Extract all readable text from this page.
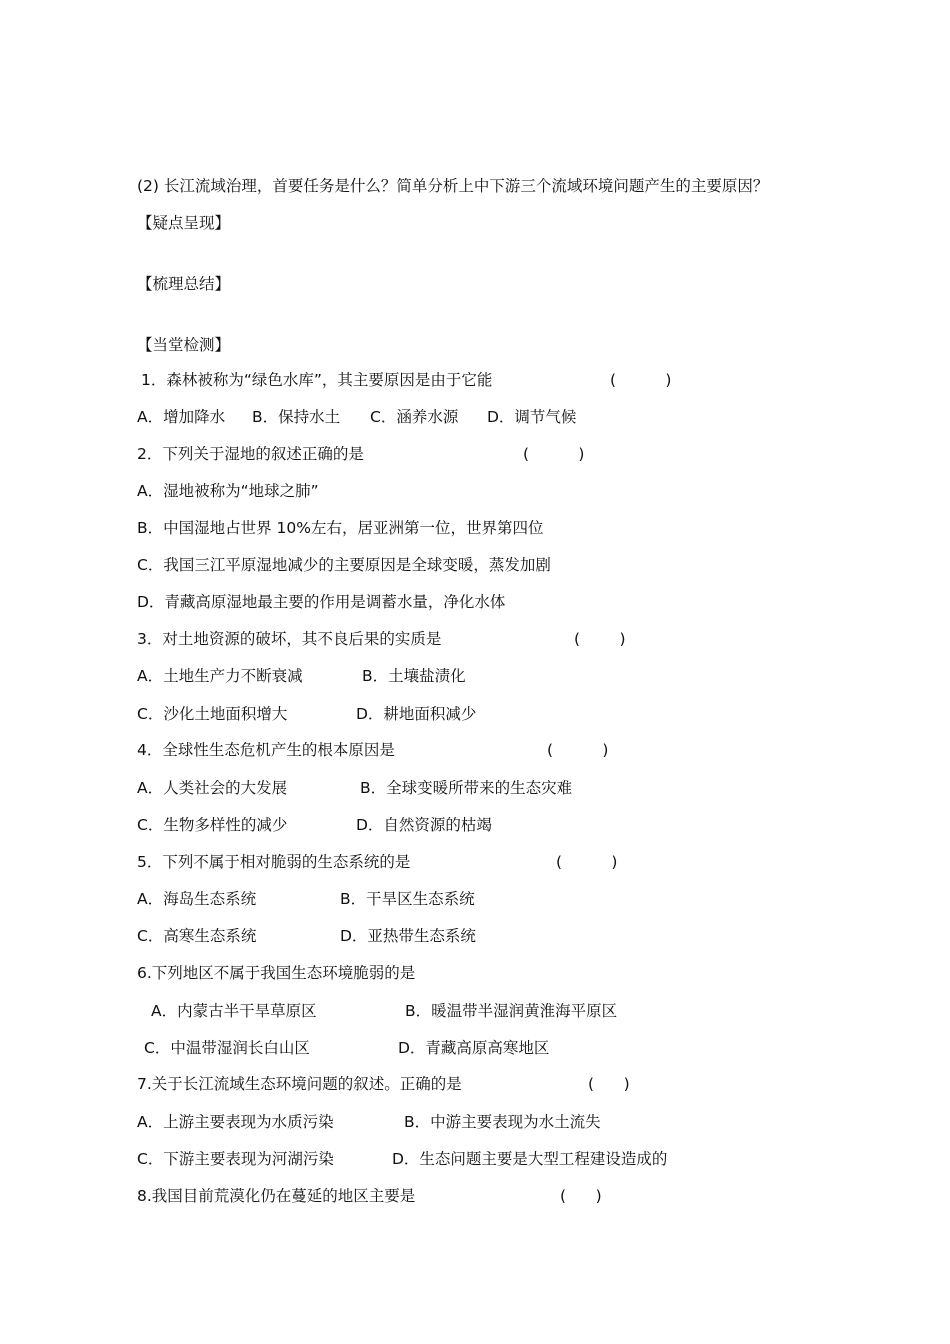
(2) 长江流域治理，首要任务是什么？简单分析上中下游三个流域环境问题产生的主要原因？

【疑点呈现】

【梳理总结】

【当堂检测】

1．森林被称为“绿色水库”，其主要原因是由于它能

	(          )

A．增加降水

B．保持水土

C．涵养水源

D．调节气候

2．下列关于湿地的叙述正确的是

	(          )

A．湿地被称为“地球之肺”

B．中国湿地占世界 10%左右，居亚洲第一位，世界第四位

C．我国三江平原湿地减少的主要原因是全球变暖，蒸发加剧

D．青藏高原湿地最主要的作用是调蓄水量，净化水体

3．对土地资源的破坏，其不良后果的实质是

	(        )

A．土地生产力不断衰减

	B．土壤盐渍化

C．沙化土地面积增大

	D．耕地面积减少

4．全球性生态危机产生的根本原因是

	(          )

A．人类社会的大发展

	B．全球变暖所带来的生态灾难

C．生物多样性的减少

	D．自然资源的枯竭

5．下列不属于相对脆弱的生态系统的是

	(          )

A．海岛生态系统

	B．干旱区生态系统

C．高寒生态系统

	D．亚热带生态系统

6.下列地区不属于我国生态环境脆弱的是

A．内蒙古半干旱草原区

	B．暖温带半湿润黄淮海平原区

C．中温带湿润长白山区

	D．青藏高原高寒地区

7.关于长江流域生态环境问题的叙述。正确的是

	(      )

A．上游主要表现为水质污染

	B．中游主要表现为水土流失

C．下游主要表现为河湖污染

	D．生态问题主要是大型工程建设造成的

8.我国目前荒漠化仍在蔓延的地区主要是

	(      )
